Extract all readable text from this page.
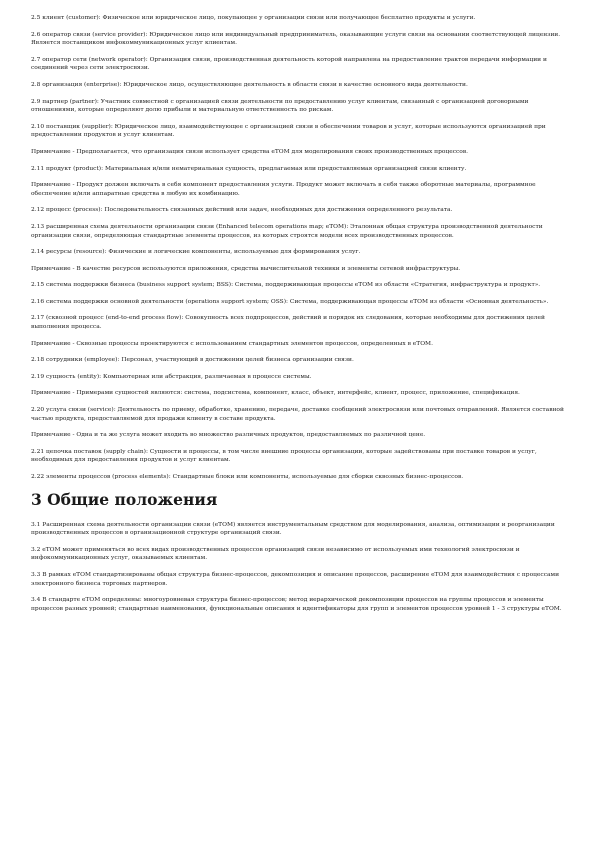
2.5 клиент (customer): Физическое или юридическое лицо, покупающее у организации связи или получающее бесплатно продукты и услуги.

2.6 оператор связи (service provider): Юридическое лицо или индивидуальный предприниматель, оказывающие услуги связи на основании соответствующей лицензии. Является поставщиком инфокоммуникационных услуг клиентам.

2.7 оператор сети (network operator): Организация связи, производственная деятельность которой направлена на предоставление трактов передачи информации и соединений через сети электросвязи.

2.8 организация (enterprise): Юридическое лицо, осуществляющее деятельность в области связи в качестве основного вида деятельности.

2.9 партнер (partner): Участник совместной с организацией связи деятельности по предоставлению услуг клиентам, связанный с организацией договорными отношениями, которые определяют долю прибыли и материальную ответственность по рискам.

2.10 поставщик (supplier): Юридическое лицо, взаимодействующее с организацией связи в обеспечении товаров и услуг, которые используются организацией при предоставлении продуктов и услуг клиентам.

Примечание - Предполагается, что организация связи использует средства eTOM для моделирования своих производственных процессов.

2.11 продукт (product): Материальная и/или нематериальная сущность, предлагаемая или предоставляемая организацией связи клиенту.

Примечание - Продукт должен включать в себя компонент предоставления услуги. Продукт может включать в себя также оборотные материалы, программное обеспечение и/или аппаратные средства в любую их комбинацию.

2.12 процесс (process): Последовательность связанных действий или задач, необходимых для достижения определенного результата.

2.13 расширенная схема деятельности организации связи (Enhanced telecom operations map; eTOM): Эталонная общая структура производственной деятельности организации связи, определяющая стандартные элементы процессов, из которых строятся модели всех производственных процессов.

2.14 ресурсы (resource): Физические и логические компоненты, используемые для формирования услуг.

Примечание - В качестве ресурсов используются приложения, средства вычислительной техники и элементы сетевой инфраструктуры.

2.15 система поддержки бизнеса (business support system; BSS): Система, поддерживающая процессы eTOM из области «Стратегия, инфраструктура и продукт».

2.16 система поддержки основной деятельности (operations support system; OSS): Система, поддерживающая процессы eTOM из области «Основная деятельность».

2.17 (сквозной процесс (end-to-end process flow): Совокупность всех подпроцессов, действий и порядок их следования, которые необходимы для достижения целей выполнения процесса.

Примечание - Сквозные процессы проектируются с использованием стандартных элементов процессов, определенных в eTOM.

2.18 сотрудники (employee): Персонал, участвующий в достижении целей бизнеса организации связи.

2.19 сущность (entity): Компьютерная или абстракция, различаемая в процессе системы.

Примечание - Примерами сущностей являются: система, подсистема, компонент, класс, объект, интерфейс, клиент, процесс, приложение, спецификация.

2.20 услуга связи (service): Деятельность по приему, обработке, хранению, передаче, доставке сообщений электросвязи или почтовых отправлений. Является составной частью продукта, предоставляемой для продажи клиенту в составе продукта.

Примечание - Одна и та же услуга может входить во множество различных продуктов, предоставляемых по различной цене.

2.21 цепочка поставок (supply chain): Сущности и процессы, в том числе внешние процессы организации, которые задействованы при поставке товаров и услуг, необходимых для предоставления продуктов и услуг клиентам.

2.22 элементы процессов (process elements): Стандартные блоки или компоненты, используемые для сборки сквозных бизнес-процессов.

3 Общие положения

3.1 Расширенная схема деятельности организации связи (eTOM) является инструментальным средством для моделирования, анализа, оптимизации и реорганизации производственных процессов в организационной структуре организаций связи.

3.2 eTOM может применяться во всех видах производственных процессов организаций связи независимо от используемых ими технологий электросвязи и инфокоммуникационных услуг, оказываемых клиентам.

3.3 В рамках eTOM стандартизированы общая структура бизнес-процессов, декомпозиция и описание процессов, расширение eTOM для взаимодействия с процессами электронного бизнеса торговых партнеров.

3.4 В стандарте eTOM определены: многоуровневая структура бизнес-процессов; метод иерархической декомпозиции процессов на группы процессов и элементы процессов разных уровней; стандартные наименования, функциональные описания и идентификаторы для групп и элементов процессов уровней 1 - 3 структуры eTOM.
